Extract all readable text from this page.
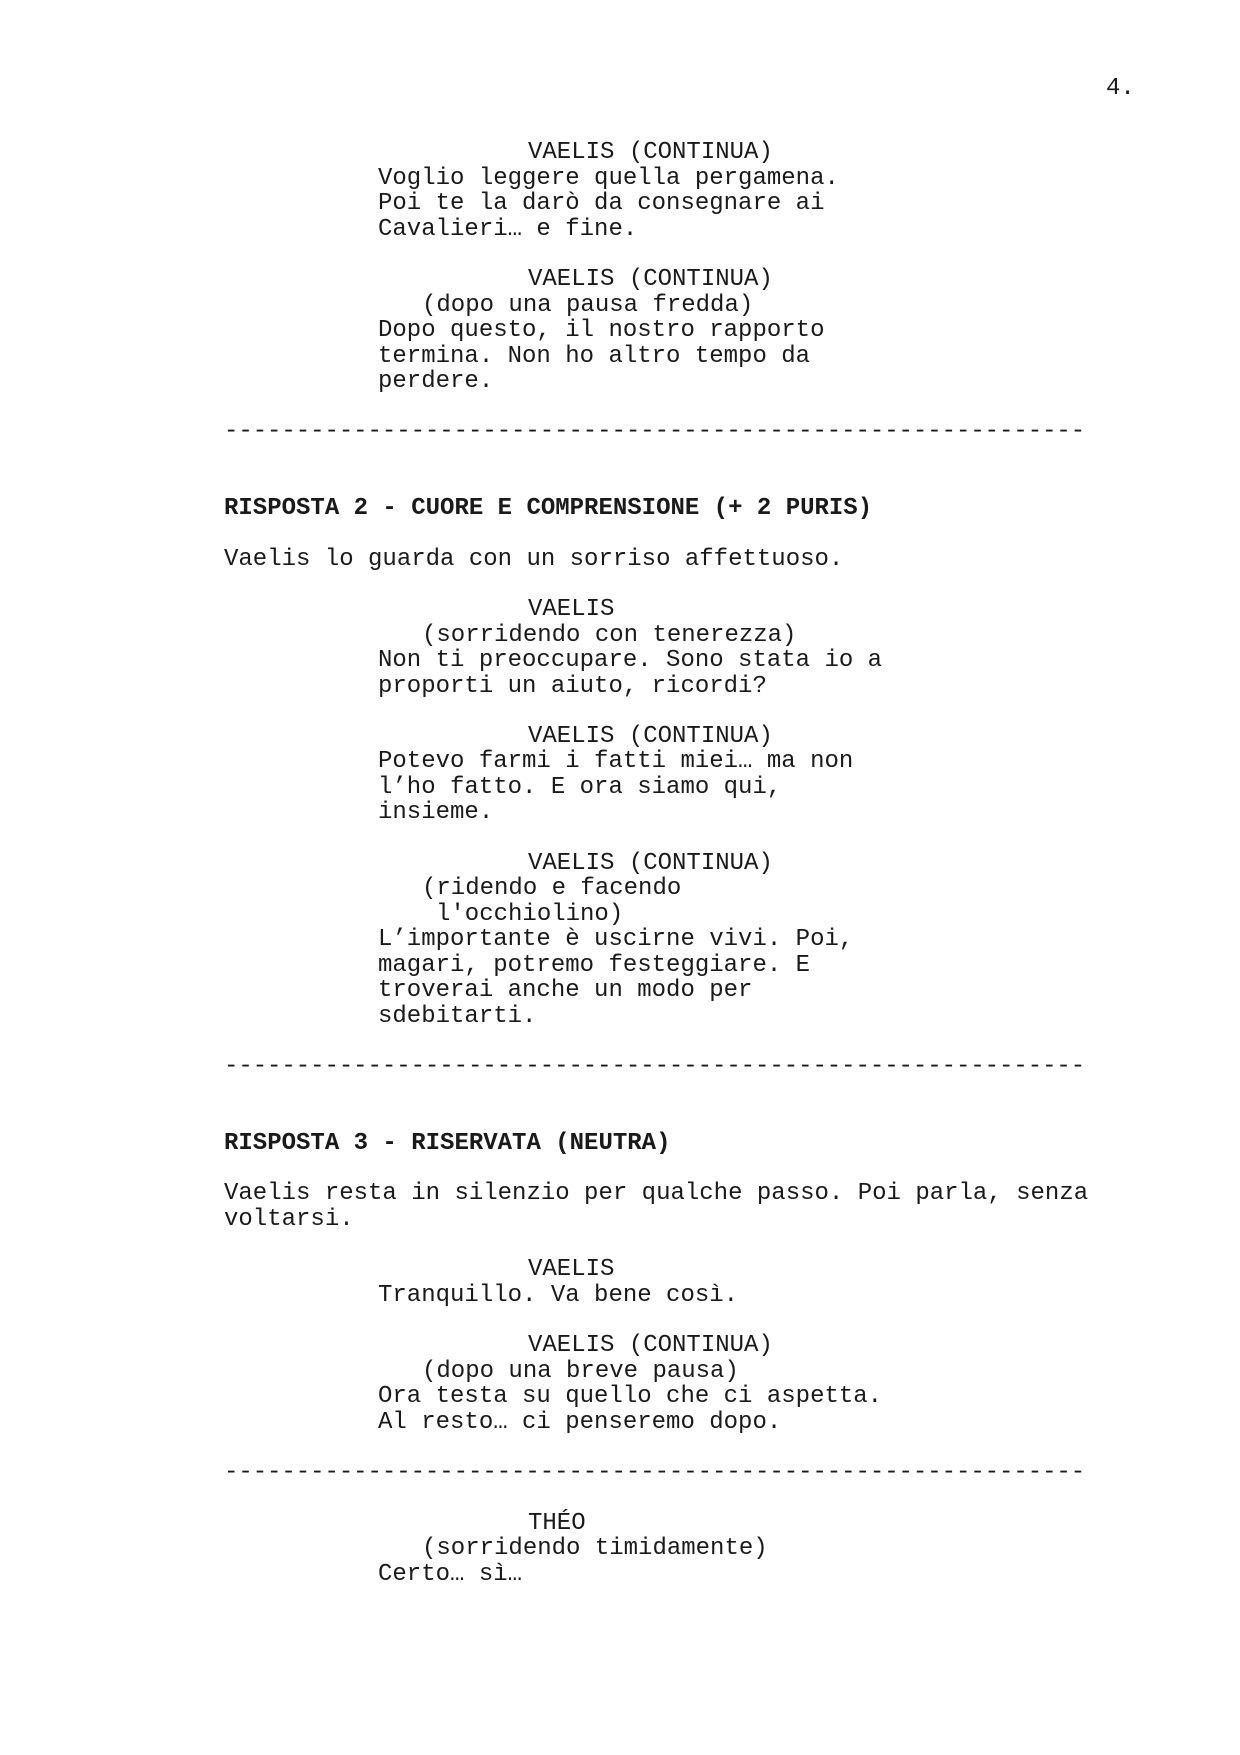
4.
VAELIS (CONTINUA)
Voglio leggere quella pergamena.
Poi te la darò da consegnare ai
Cavalieri… e fine.
VAELIS (CONTINUA)
(dopo una pausa fredda)
Dopo questo, il nostro rapporto
termina. Non ho altro tempo da
perdere.
------------------------------------------------------------
RISPOSTA 2 - CUORE E COMPRENSIONE (+ 2 PURIS)
Vaelis lo guarda con un sorriso affettuoso.
VAELIS
(sorridendo con tenerezza)
Non ti preoccupare. Sono stata io a
proporti un aiuto, ricordi?
VAELIS (CONTINUA)
Potevo farmi i fatti miei… ma non
l’ho fatto. E ora siamo qui,
insieme.
VAELIS (CONTINUA)
(ridendo e facendo
l'occhiolino)
L’importante è uscirne vivi. Poi,
magari, potremo festeggiare. E
troverai anche un modo per
sdebitarti.
------------------------------------------------------------
RISPOSTA 3 - RISERVATA (NEUTRA)
Vaelis resta in silenzio per qualche passo. Poi parla, senza
voltarsi.
VAELIS
Tranquillo. Va bene così.
VAELIS (CONTINUA)
(dopo una breve pausa)
Ora testa su quello che ci aspetta.
Al resto… ci penseremo dopo.
------------------------------------------------------------
THÉO
(sorridendo timidamente)
Certo… sì…
